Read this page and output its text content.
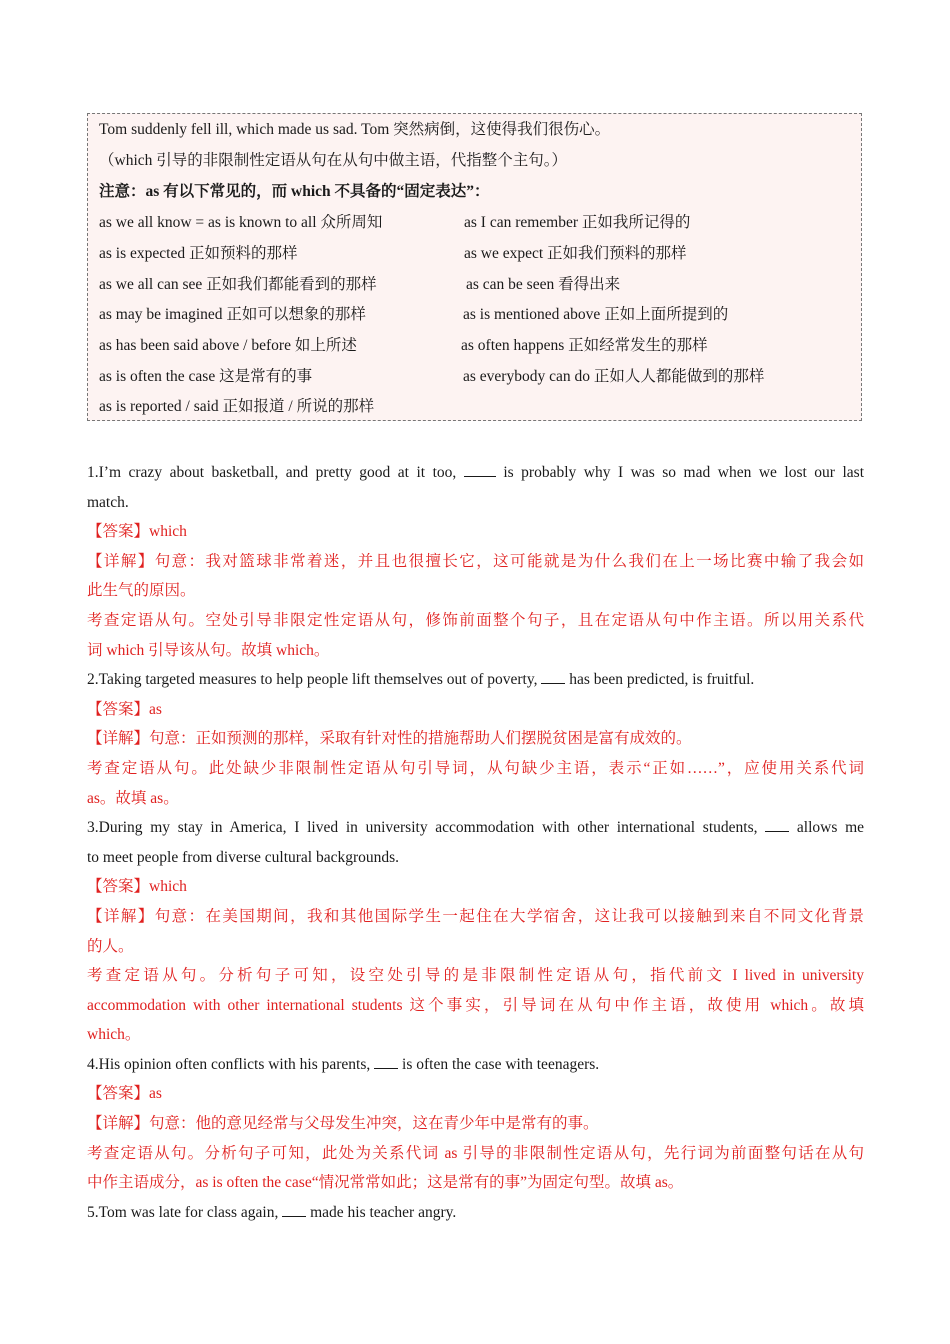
Tom suddenly fell ill, which made us sad. Tom 突然病倒，这使得我们很伤心。
（which 引导的非限制性定语从句在从句中做主语，代指整个主句。）
注意：as 有以下常见的，而 which 不具备的“固定表达”：
as we all know = as is known to all 众所周知	as I can remember 正如我所记得的
as is expected 正如预料的那样	as we expect 正如我们预料的那样
as we all can see 正如我们都能看到的那样	as can be seen 看得出来
as may be imagined 正如可以想象的那样	as is mentioned above 正如上面所提到的
as has been said above / before 如上所述	as often happens 正如经常发生的那样
as is often the case 这是常有的事	as everybody can do 正如人人都能做到的那样
as is reported / said 正如报道 / 所说的那样
1.I’m crazy about basketball, and pretty good at it too,	is probably why I was so mad when we lost our last
match.
【答案】which
【详解】句意：我对篮球非常着迷，并且也很擅长它，这可能就是为什么我们在上一场比赛中输了我会如
此生气的原因。
考查定语从句。空处引导非限定性定语从句，修饰前面整个句子，且在定语从句中作主语。所以用关系代
词 which 引导该从句。故填 which。
2.Taking targeted measures to help people lift themselves out of poverty, has been predicted, is fruitful.
【答案】as
【详解】句意：正如预测的那样，采取有针对性的措施帮助人们摆脱贫困是富有成效的。
考查定语从句。此处缺少非限制性定语从句引导词，从句缺少主语，表示“正如……”，应使用关系代词
as。故填 as。
3.During my stay in America, I lived in university accommodation with other international students,	allows me
to meet people from diverse cultural backgrounds.
【答案】which
【详解】句意：在美国期间，我和其他国际学生一起住在大学宿舍，这让我可以接触到来自不同文化背景
的人。
考查定语从句。分析句子可知，设空处引导的是非限制性定语从句，指代前文 I lived in university
accommodation with other international students 这个事实，引导词在从句中作主语，故使用 which。故填
which。
4.His opinion often conflicts with his parents, is often the case with teenagers.
【答案】as
【详解】句意：他的意见经常与父母发生冲突，这在青少年中是常有的事。
考查定语从句。分析句子可知，此处为关系代词 as 引导的非限制性定语从句，先行词为前面整句话在从句
中作主语成分，as is often the case“情况常常如此；这是常有的事”为固定句型。故填 as。
5.Tom was late for class again, made his teacher angry.
